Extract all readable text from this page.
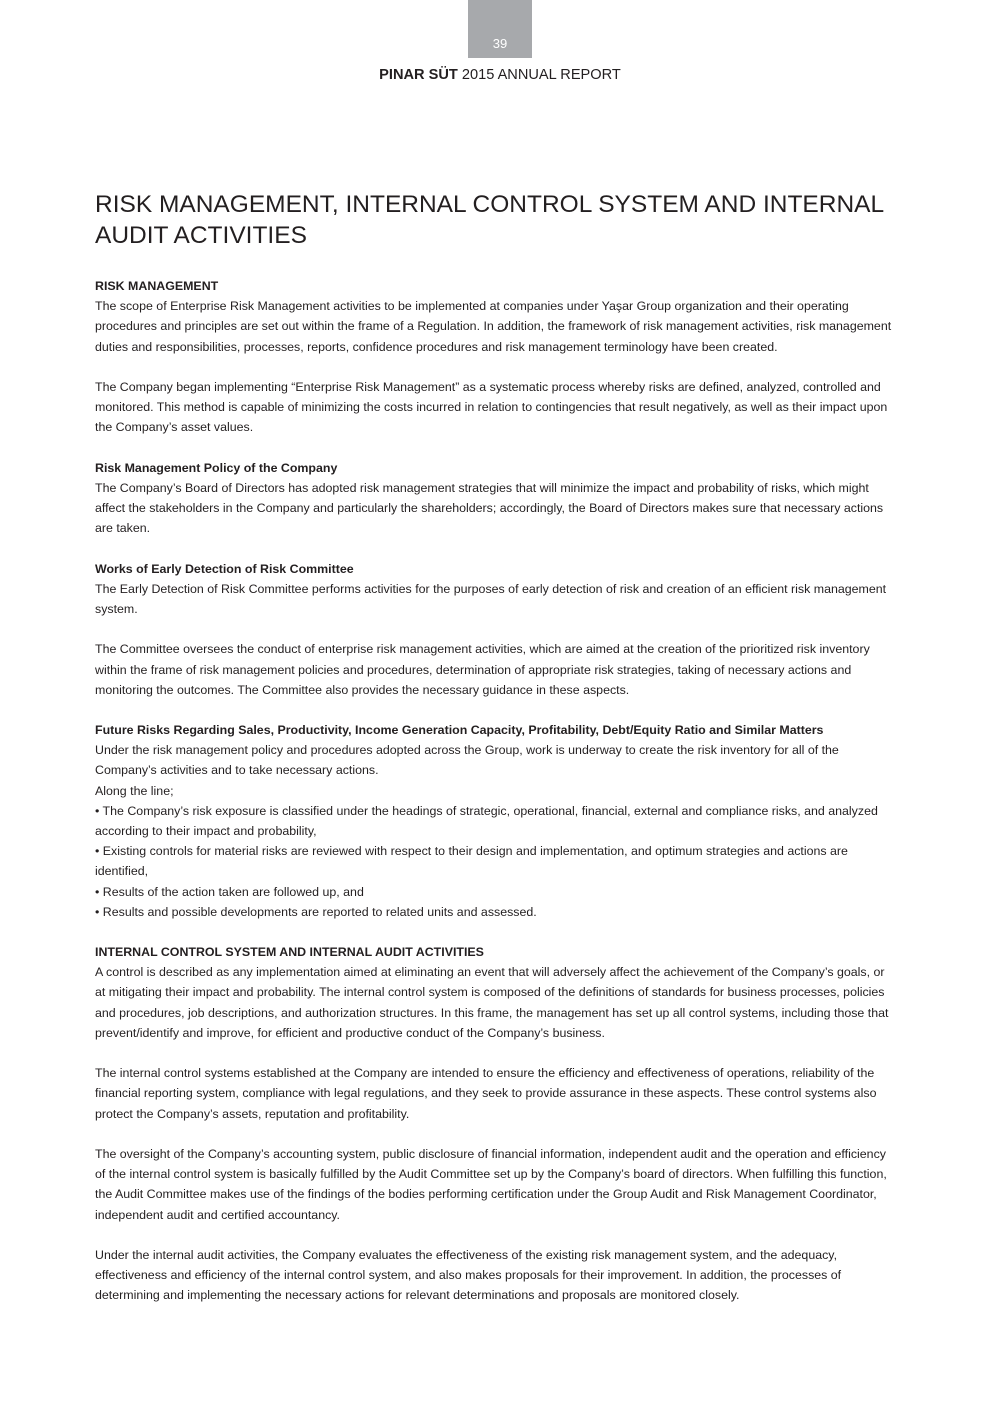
39
PINAR SÜT 2015 ANNUAL REPORT
RISK MANAGEMENT, INTERNAL CONTROL SYSTEM AND INTERNAL AUDIT ACTIVITIES
RISK MANAGEMENT
The scope of Enterprise Risk Management activities to be implemented at companies under Yaşar Group organization and their operating
procedures and principles are set out within the frame of a Regulation. In addition, the framework of risk management activities, risk management
duties and responsibilities, processes, reports, confidence procedures and risk management terminology have been created.
The Company began implementing “Enterprise Risk Management” as a systematic process whereby risks are defined, analyzed, controlled and
monitored. This method is capable of minimizing the costs incurred in relation to contingencies that result negatively, as well as their impact upon
the Company’s asset values.
Risk Management Policy of the Company
The Company’s Board of Directors has adopted risk management strategies that will minimize the impact and probability of risks, which might
affect the stakeholders in the Company and particularly the shareholders; accordingly, the Board of Directors makes sure that necessary actions
are taken.
Works of Early Detection of Risk Committee
The Early Detection of Risk Committee performs activities for the purposes of early detection of risk and creation of an efficient risk management
system.
The Committee oversees the conduct of enterprise risk management activities, which are aimed at the creation of the prioritized risk inventory
within the frame of risk management policies and procedures, determination of appropriate risk strategies, taking of necessary actions and
monitoring the outcomes. The Committee also provides the necessary guidance in these aspects.
Future Risks Regarding Sales, Productivity, Income Generation Capacity, Profitability, Debt/Equity Ratio and Similar Matters
Under the risk management policy and procedures adopted across the Group, work is underway to create the risk inventory for all of the
Company’s activities and to take necessary actions.
Along the line;
• The Company’s risk exposure is classified under the headings of strategic, operational, financial, external and compliance risks, and analyzed
according to their impact and probability,
• Existing controls for material risks are reviewed with respect to their design and implementation, and optimum strategies and actions are
identified,
• Results of the action taken are followed up, and
• Results and possible developments are reported to related units and assessed.
INTERNAL CONTROL SYSTEM AND INTERNAL AUDIT ACTIVITIES
A control is described as any implementation aimed at eliminating an event that will adversely affect the achievement of the Company’s goals, or
at mitigating their impact and probability. The internal control system is composed of the definitions of standards for business processes, policies
and procedures, job descriptions, and authorization structures. In this frame, the management has set up all control systems, including those that
prevent/identify and improve, for efficient and productive conduct of the Company’s business.
The internal control systems established at the Company are intended to ensure the efficiency and effectiveness of operations, reliability of the
financial reporting system, compliance with legal regulations, and they seek to provide assurance in these aspects. These control systems also
protect the Company’s assets, reputation and profitability.
The oversight of the Company’s accounting system, public disclosure of financial information, independent audit and the operation and efficiency
of the internal control system is basically fulfilled by the Audit Committee set up by the Company’s board of directors. When fulfilling this function,
the Audit Committee makes use of the findings of the bodies performing certification under the Group Audit and Risk Management Coordinator,
independent audit and certified accountancy.
Under the internal audit activities, the Company evaluates the effectiveness of the existing risk management system, and the adequacy,
effectiveness and efficiency of the internal control system, and also makes proposals for their improvement. In addition, the processes of
determining and implementing the necessary actions for relevant determinations and proposals are monitored closely.
